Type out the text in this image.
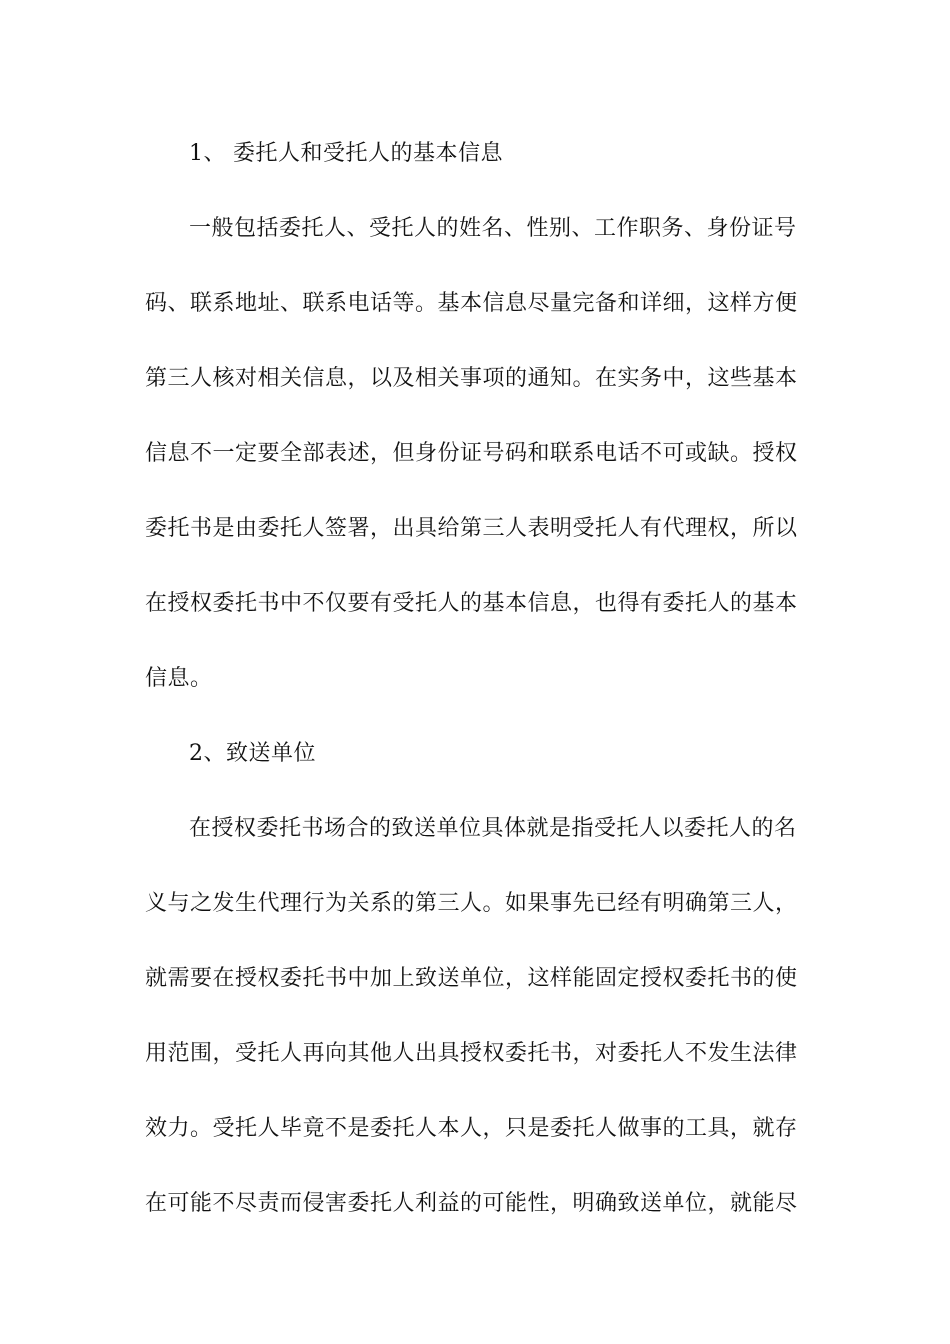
1、 委托人和受托人的基本信息
一般包括委托人、受托人的姓名、性别、工作职务、身份证号
码、联系地址、联系电话等。基本信息尽量完备和详细，这样方便
第三人核对相关信息，以及相关事项的通知。在实务中，这些基本
信息不一定要全部表述，但身份证号码和联系电话不可或缺。授权
委托书是由委托人签署，出具给第三人表明受托人有代理权，所以
在授权委托书中不仅要有受托人的基本信息，也得有委托人的基本
信息。
2、致送单位
在授权委托书场合的致送单位具体就是指受托人以委托人的名
义与之发生代理行为关系的第三人。如果事先已经有明确第三人，
就需要在授权委托书中加上致送单位，这样能固定授权委托书的使
用范围，受托人再向其他人出具授权委托书，对委托人不发生法律
效力。受托人毕竟不是委托人本人，只是委托人做事的工具，就存
在可能不尽责而侵害委托人利益的可能性，明确致送单位，就能尽
